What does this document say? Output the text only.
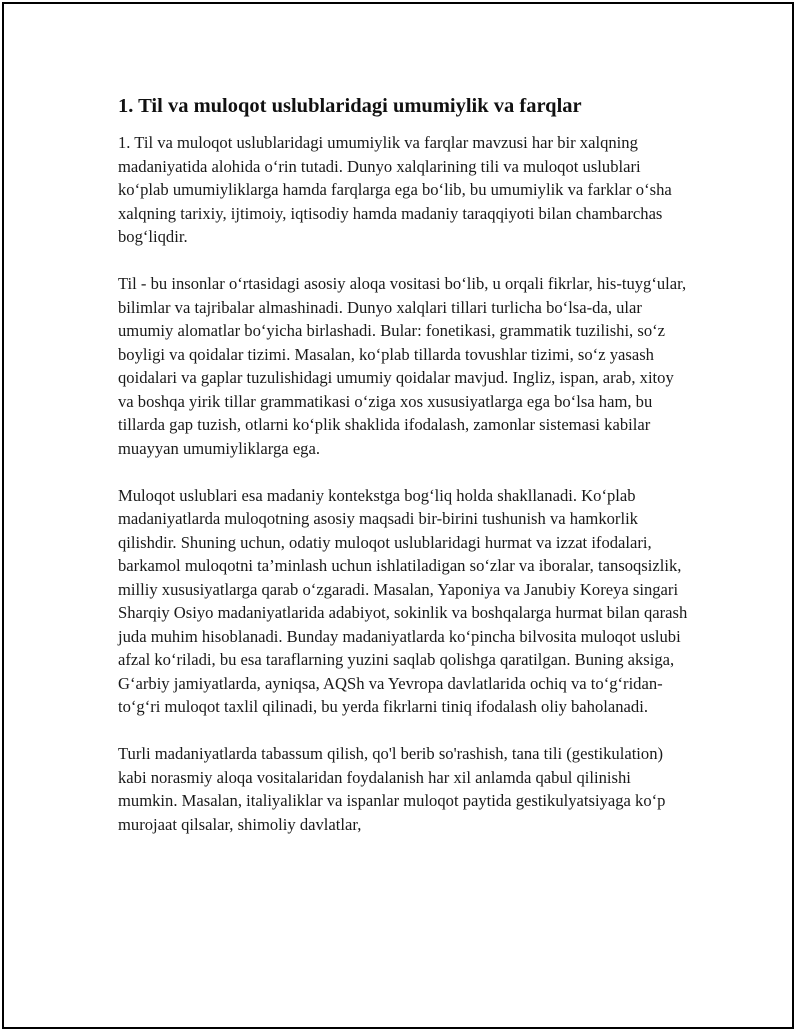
1. Til va muloqot uslublaridagi umumiylik va farqlar

1. Til va muloqot uslublaridagi umumiylik va farqlar mavzusi har bir xalqning madaniyatida alohida o‘rin tutadi. Dunyo xalqlarining tili va muloqot uslublari ko‘plab umumiyliklarga hamda farqlarga ega bo‘lib, bu umumiylik va farklar o‘sha xalqning tarixiy, ijtimoiy, iqtisodiy hamda madaniy taraqqiyoti bilan chambarchas bog‘liqdir.

Til - bu insonlar o‘rtasidagi asosiy aloqa vositasi bo‘lib, u orqali fikrlar, his-tuyg‘ular, bilimlar va tajribalar almashinadi. Dunyo xalqlari tillari turlicha bo‘lsa-da, ular umumiy alomatlar bo‘yicha birlashadi. Bular: fonetikasi, grammatik tuzilishi, so‘z boyligi va qoidalar tizimi. Masalan, ko‘plab tillarda tovushlar tizimi, so‘z yasash qoidalari va gaplar tuzulishidagi umumiy qoidalar mavjud. Ingliz, ispan, arab, xitoy va boshqa yirik tillar grammatikasi o‘ziga xos xususiyatlarga ega bo‘lsa ham, bu tillarda gap tuzish, otlarni ko‘plik shaklida ifodalash, zamonlar sistemasi kabilar muayyan umumiyliklarga ega.

Muloqot uslublari esa madaniy kontekstga bog‘liq holda shakllanadi. Ko‘plab madaniyatlarda muloqotning asosiy maqsadi bir-birini tushunish va hamkorlik qilishdir. Shuning uchun, odatiy muloqot uslublaridagi hurmat va izzat ifodalari, barkamol muloqotni ta’minlash uchun ishlatiladigan so‘zlar va iboralar, tansoqsizlik, milliy xususiyatlarga qarab o‘zgaradi. Masalan, Yaponiya va Janubiy Koreya singari Sharqiy Osiyo madaniyatlarida adabiyot, sokinlik va boshqalarga hurmat bilan qarash juda muhim hisoblanadi. Bunday madaniyatlarda ko‘pincha bilvosita muloqot uslubi afzal ko‘riladi, bu esa taraflarning yuzini saqlab qolishga qaratilgan. Buning aksiga, G‘arbiy jamiyatlarda, ayniqsa, AQSh va Yevropa davlatlarida ochiq va to‘g‘ridan-to‘g‘ri muloqot taxlil qilinadi, bu yerda fikrlarni tiniq ifodalash oliy baholanadi.

Turli madaniyatlarda tabassum qilish, qo'l berib so'rashish, tana tili (gestikulation) kabi norasmiy aloqa vositalaridan foydalanish har xil anlamda qabul qilinishi mumkin. Masalan, italiyaliklar va ispanlar muloqot paytida gestikulyatsiyaga ko‘p murojaat qilsalar, shimoliy davlatlar,
